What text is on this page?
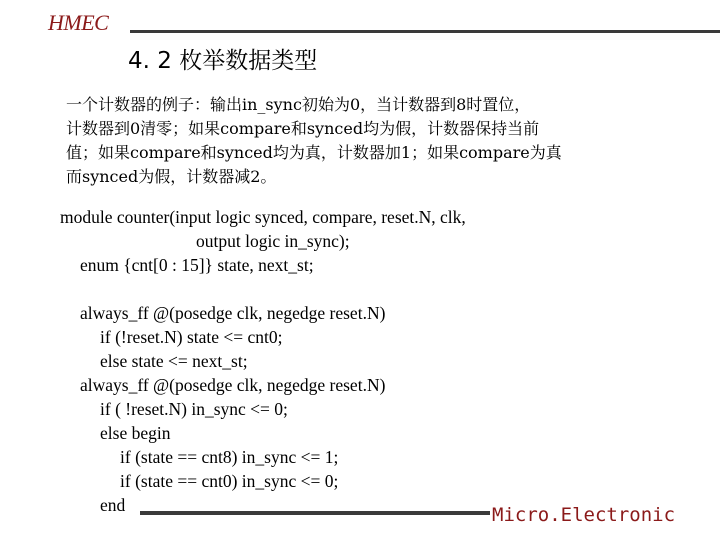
HMEC
4. 2 枚举数据类型
一个计数器的例子：输出in_sync初始为0，当计数器到8时置位，
计数器到0清零；如果compare和synced均为假，计数器保持当前
值；如果compare和synced均为真，计数器加1；如果compare为真
而synced为假，计数器减2。
module counter(input logic synced, compare, reset.N, clk,
output logic in_sync);
enum {cnt[0 : 15]} state, next_st;
always_ff @(posedge clk, negedge reset.N)
if (!reset.N) state <= cnt0;
else state <= next_st;
always_ff @(posedge clk, negedge reset.N)
if ( !reset.N) in_sync <= 0;
else begin
if (state == cnt8) in_sync <= 1;
if (state == cnt0) in_sync <= 0;
end	Micro.Electronic
